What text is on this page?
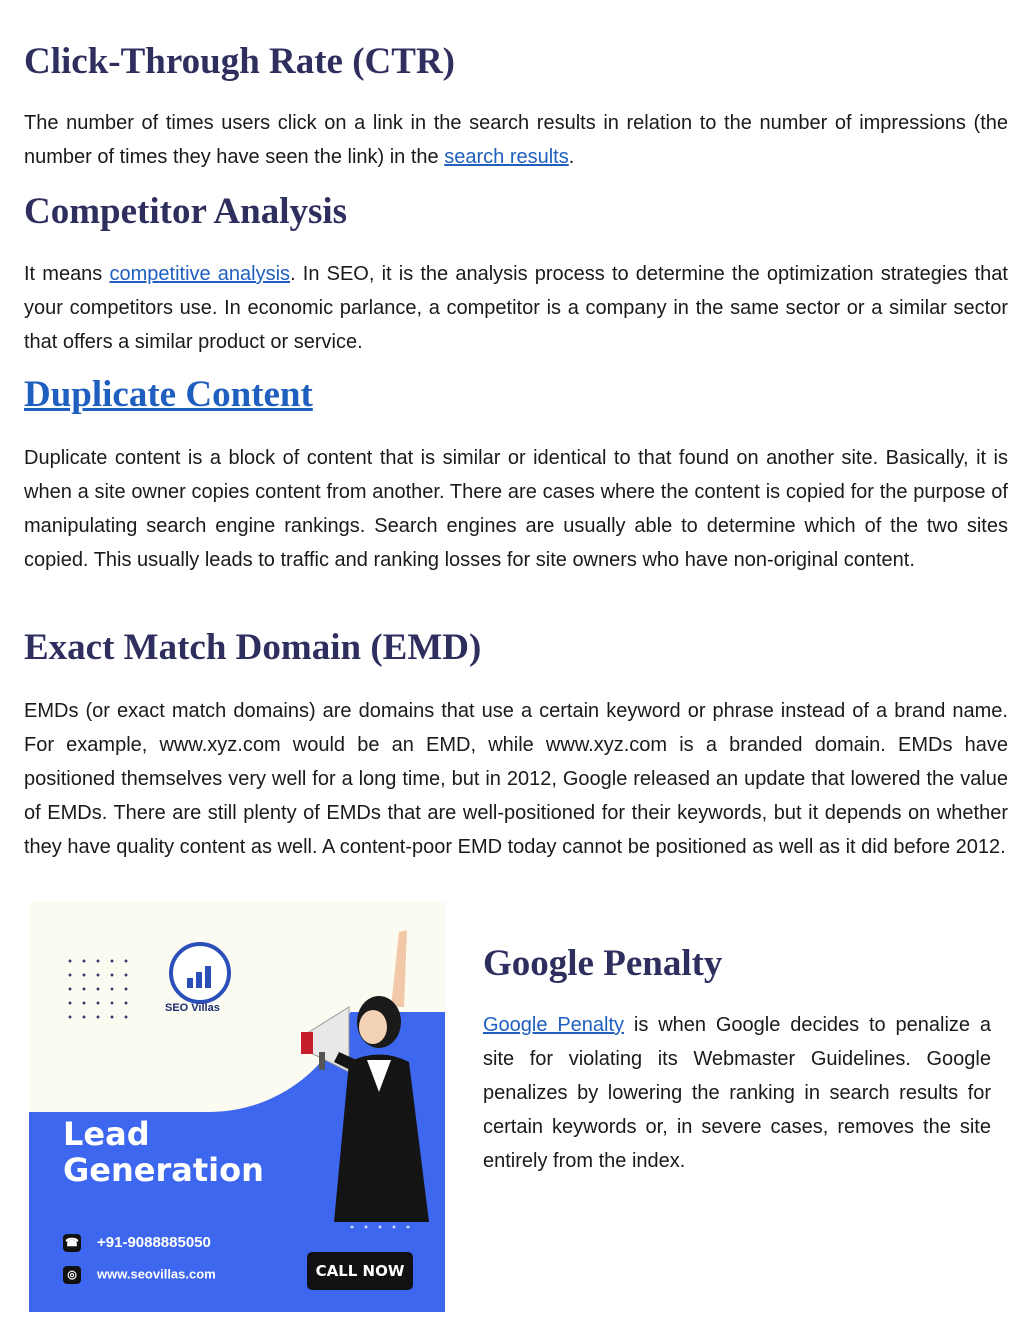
Click-Through Rate (CTR)

The number of times users click on a link in the search results in relation to the number of impressions (the number of times they have seen the link) in the search results.

Competitor Analysis

It means competitive analysis. In SEO, it is the analysis process to determine the optimization strategies that your competitors use. In economic parlance, a competitor is a company in the same sector or a similar sector that offers a similar product or service.

Duplicate Content

Duplicate content is a block of content that is similar or identical to that found on another site. Basically, it is when a site owner copies content from another. There are cases where the content is copied for the purpose of manipulating search engine rankings. Search engines are usually able to determine which of the two sites copied. This usually leads to traffic and ranking losses for site owners who have non-original content.

Exact Match Domain (EMD)

EMDs (or exact match domains) are domains that use a certain keyword or phrase instead of a brand name. For example, www.xyz.com would be an EMD, while www.xyz.com is a branded domain. EMDs have positioned themselves very well for a long time, but in 2012, Google released an update that lowered the value of EMDs. There are still plenty of EMDs that are well-positioned for their keywords, but it depends on whether they have quality content as well. A content-poor EMD today cannot be positioned as well as it did before 2012.

SEO Villas
Lead
Generation
☎ +91-9088885050
◎ www.seovillas.com	CALL NOW
Google Penalty

Google Penalty is when Google decides to penalize a site for violating its Webmaster Guidelines. Google penalizes by lowering the ranking in search results for certain keywords or, in severe cases, removes the site entirely from the index.
